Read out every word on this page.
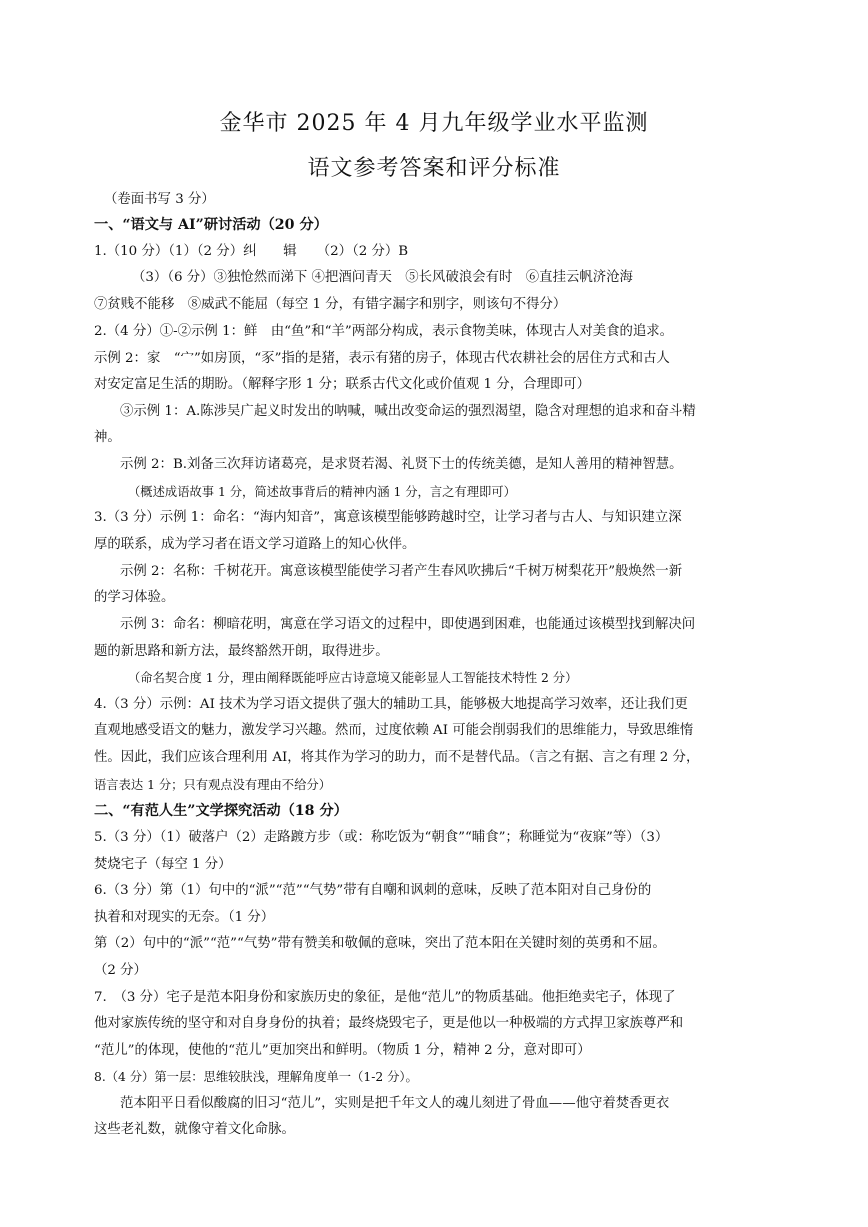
金华市 2025 年 4 月九年级学业水平监测
语文参考答案和评分标准
（卷面书写 3 分）
一、“语文与 AI”研讨活动（20 分）
1.（10 分）（1）（2 分）纠　　辑　　（2）（2 分）B
（3）（6 分）③独怆然而涕下 ④把酒问青天　⑤长风破浪会有时　⑥直挂云帆济沧海
⑦贫贱不能移　⑧威武不能屈（每空 1 分，有错字漏字和别字，则该句不得分）
2.（4 分）①-②示例 1：鲜　由“鱼”和“羊”两部分构成，表示食物美味，体现古人对美食的追求。
示例 2：家　“宀”如房顶，“豕”指的是猪，表示有猪的房子，体现古代农耕社会的居住方式和古人
对安定富足生活的期盼。（解释字形 1 分；联系古代文化或价值观 1 分，合理即可）
③示例 1：A.陈涉吴广起义时发出的呐喊，喊出改变命运的强烈渴望，隐含对理想的追求和奋斗精
神。
示例 2：B.刘备三次拜访诸葛亮，是求贤若渴、礼贤下士的传统美德，是知人善用的精神智慧。
（概述成语故事 1 分，简述故事背后的精神内涵 1 分，言之有理即可）
3.（3 分）示例 1：命名：“海内知音”，寓意该模型能够跨越时空，让学习者与古人、与知识建立深
厚的联系，成为学习者在语文学习道路上的知心伙伴。
示例 2：名称：千树花开。寓意该模型能使学习者产生春风吹拂后“千树万树梨花开”般焕然一新
的学习体验。
示例 3：命名：柳暗花明，寓意在学习语文的过程中，即使遇到困难，也能通过该模型找到解决问
题的新思路和新方法，最终豁然开朗，取得进步。
（命名契合度 1 分，理由阐释既能呼应古诗意境又能彰显人工智能技术特性 2 分）
4.（3 分）示例：AI 技术为学习语文提供了强大的辅助工具，能够极大地提高学习效率，还让我们更
直观地感受语文的魅力，激发学习兴趣。然而，过度依赖 AI 可能会削弱我们的思维能力，导致思维惰
性。因此，我们应该合理利用 AI，将其作为学习的助力，而不是替代品。（言之有据、言之有理 2 分，
语言表达 1 分；只有观点没有理由不给分）
二、“有范人生”文学探究活动（18 分）
5.（3 分）（1）破落户（2）走路踱方步（或：称吃饭为“朝食”“晡食”；称睡觉为“夜寐”等）（3）
焚烧宅子（每空 1 分）
6.（3 分）第（1）句中的“派”“范”“气势”带有自嘲和讽刺的意味，反映了范本阳对自己身份的
执着和对现实的无奈。（1 分）
第（2）句中的“派”“范”“气势”带有赞美和敬佩的意味，突出了范本阳在关键时刻的英勇和不屈。
（2 分）
7.　（3 分）宅子是范本阳身份和家族历史的象征，是他“范儿”的物质基础。他拒绝卖宅子，体现了
他对家族传统的坚守和对自身身份的执着；最终烧毁宅子，更是他以一种极端的方式捍卫家族尊严和
“范儿”的体现，使他的“范儿”更加突出和鲜明。（物质 1 分，精神 2 分，意对即可）
8.（4 分）第一层：思维较肤浅，理解角度单一（1-2 分）。
范本阳平日看似酸腐的旧习“范儿”，实则是把千年文人的魂儿刻进了骨血——他守着焚香更衣
这些老礼数，就像守着文化命脉。
